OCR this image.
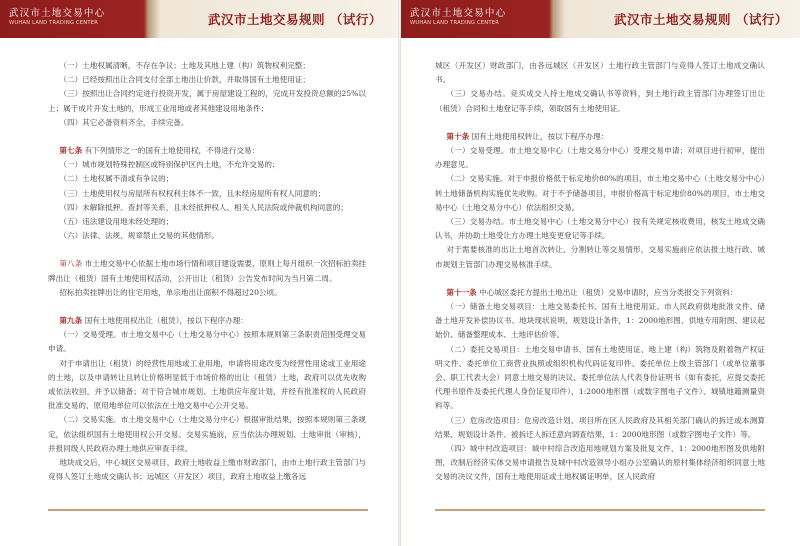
武汉市土地交易中心
WUHAN LAND TRADING CENTER	武汉市土地交易规则 （试行）

（一）土地权属清晰，不存在争议；土地及其地上建（构）筑物权利完整；

（二）已经按照出让合同支付全部土地出让价款，并取得国有土地使用证；

（三）按照出让合同约定进行投资开发，属于房屋建设工程的，完成开发投资总额的25%以上；属于成片开发土地的，形成工业用地或者其他建设用地条件；

（四）其它必备资料齐全，手续完备。

第七条 有下列情形之一的国有土地使用权，不得进行交易：

（一）城市规划特殊控制区或特别保护区内土地，不允许交易的；

（二）土地权属不清或有争议的；

（三）土地使用权与房屋所有权权利主体不一致，且未经房屋所有权人同意的；

（四）未解除抵押、查封等关系，且未经抵押权人、相关人民法院或仲裁机构同意的；

（五）违法建设用地未经处理的；

（六）法律、法规、规章禁止交易的其他情形。

第八条 市土地交易中心依据土地市场行情和项目建设需要，原则上每月组织一次招标拍卖挂牌出让（租赁）国有土地使用权活动，公开出让（租赁）公告发布时间为当月第二周。

招标拍卖挂牌出让的住宅用地，单宗地出让面积不得超过20公顷。

第九条 国有土地使用权出让（租赁），按以下程序办理：

（一）交易受理。市土地交易中心（土地交易分中心）按照本规则第三条职责范围受理交易申请。

对于申请出让（租赁）的经营性用地或工业用地，申请将用途改变为经营性用途或工业用途的土地，以及申请转让且转让价格明显低于市场价格的出让（租赁）土地，政府可以优先收购或依法收回，并予以储备；对于符合城市规划、土地供应年度计划，并经有批准权的人民政府批准交易的，原用地单位可以依法在土地交易中心公开交易。

（二）交易实施。市土地交易中心（土地交易分中心）根据审批结果，按照本规则第三条规定，依法组织国有土地使用权公开交易。交易实施前，应当依法办理规划、土地审批（审核），并报同级人民政府办理土地供应审查手续。

地块成交后，中心城区交易项目，政府土地收益上缴市财政部门，由市土地行政主管部门与竞得人签订土地成交确认书；远城区（开发区）项目，政府土地收益上缴各远

武汉市土地交易中心
WUHAN LAND TRADING CENTER	武汉市土地交易规则 （试行）

城区（开发区）财政部门，由各远城区（开发区）土地行政主管部门与竞得人签订土地成交确认书。

（三）交易办结。竞买成交人持土地成交确认书等资料，到土地行政主管部门办理签订出让（租赁）合同和土地登记等手续，领取国有土地使用证。

第十条 国有土地使用权转让，按以下程序办理：

（一）交易受理。市土地交易中心（土地交易分中心）受理交易申请；对项目进行初审，提出办理意见。

（二）交易实施。对于申报价格低于标定地价80%的项目，市土地交易中心（土地交易分中心）转土地储备机构实施优先收购。对于不予储备项目，申报价格高于标定地价80%的项目，市土地交易中心（土地交易分中心）依法组织交易。

（三）交易办结。市土地交易中心（土地交易分中心）按有关规定核收费用，核发土地成交确认书，并协助土地受让方办理土地变更登记等手续。

对于需要核准的出让土地首次转让、分割转让等交易情形，交易实施前应依法报土地行政、城市规划主管部门办理交易核准手续。

第十一条 中心城区委托方提出土地出让（租赁）交易申请时，应当分类报交下列资料：

（一）储备土地交易项目：土地交易委托书、国有土地使用证、市人民政府供地批准文件、储备土地开发补偿协议书、地块现状说明、规划设计条件，1：2000地形图、供地专用附图、建议起始价、储备整理成本、土地评估价等。

（二）委托交易项目：土地交易申请书、国有土地使用证、地上建（构）筑物及附着物产权证明文件、委托单位工商营业执照或组织机构代码证复印件、委托单位上级主管部门（或单位董事会、职工代表大会）同意土地交易的决议、委托单位法人代表身份证明书（如有委托，应提交委托代理书原件及委托代理人身份证复印件），1:2000地形图（或数字图电子文件）、城镇地籍测量资料等。

（三）危房改造项目：危房改造计划、项目所在区人民政府及其相关部门确认的拆迁或本测算结果、规划设计条件、被拆迁人拆迁意向调查结果，1：2000地形图（或数字图电子文件）等。

（四）城中村改造项目：城中村综合改造用地规划方案及批复文件，1：2000地形图及供地附图，改制后经济实体交易申请报告及城中村改造领导小组办公室确认的原村集体经济组织同意土地交易的决议文件，国有土地使用证或土地权属证明单，区人民政府
